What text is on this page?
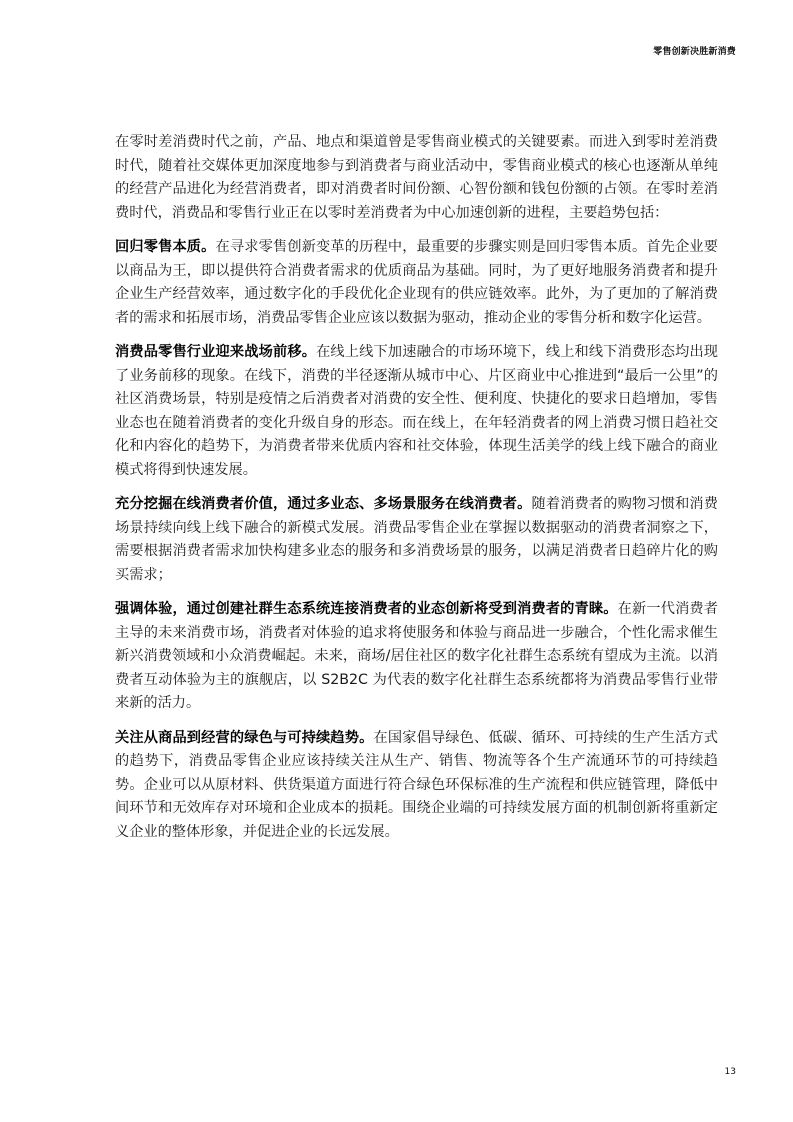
零售创新决胜新消费

在零时差消费时代之前，产品、地点和渠道曾是零售商业模式的关键要素。而进入到零时差消费时代，随着社交媒体更加深度地参与到消费者与商业活动中，零售商业模式的核心也逐渐从单纯的经营产品进化为经营消费者，即对消费者时间份额、心智份额和钱包份额的占领。在零时差消费时代，消费品和零售行业正在以零时差消费者为中心加速创新的进程，主要趋势包括：

回归零售本质。在寻求零售创新变革的历程中，最重要的步骤实则是回归零售本质。首先企业要以商品为王，即以提供符合消费者需求的优质商品为基础。同时，为了更好地服务消费者和提升企业生产经营效率，通过数字化的手段优化企业现有的供应链效率。此外，为了更加的了解消费者的需求和拓展市场，消费品零售企业应该以数据为驱动，推动企业的零售分析和数字化运营。

消费品零售行业迎来战场前移。在线上线下加速融合的市场环境下，线上和线下消费形态均出现了业务前移的现象。在线下，消费的半径逐渐从城市中心、片区商业中心推进到“最后一公里”的社区消费场景，特别是疫情之后消费者对消费的安全性、便利度、快捷化的要求日趋增加，零售业态也在随着消费者的变化升级自身的形态。而在线上，在年轻消费者的网上消费习惯日趋社交化和内容化的趋势下，为消费者带来优质内容和社交体验，体现生活美学的线上线下融合的商业模式将得到快速发展。

充分挖掘在线消费者价值，通过多业态、多场景服务在线消费者。随着消费者的购物习惯和消费场景持续向线上线下融合的新模式发展。消费品零售企业在掌握以数据驱动的消费者洞察之下，需要根据消费者需求加快构建多业态的服务和多消费场景的服务，以满足消费者日趋碎片化的购买需求；

强调体验，通过创建社群生态系统连接消费者的业态创新将受到消费者的青睐。在新一代消费者主导的未来消费市场，消费者对体验的追求将使服务和体验与商品进一步融合，个性化需求催生新兴消费领域和小众消费崛起。未来，商场/居住社区的数字化社群生态系统有望成为主流。以消费者互动体验为主的旗舰店，以 S2B2C 为代表的数字化社群生态系统都将为消费品零售行业带来新的活力。

关注从商品到经营的绿色与可持续趋势。在国家倡导绿色、低碳、循环、可持续的生产生活方式的趋势下，消费品零售企业应该持续关注从生产、销售、物流等各个生产流通环节的可持续趋势。企业可以从原材料、供货渠道方面进行符合绿色环保标准的生产流程和供应链管理，降低中间环节和无效库存对环境和企业成本的损耗。围绕企业端的可持续发展方面的机制创新将重新定义企业的整体形象，并促进企业的长远发展。

13
